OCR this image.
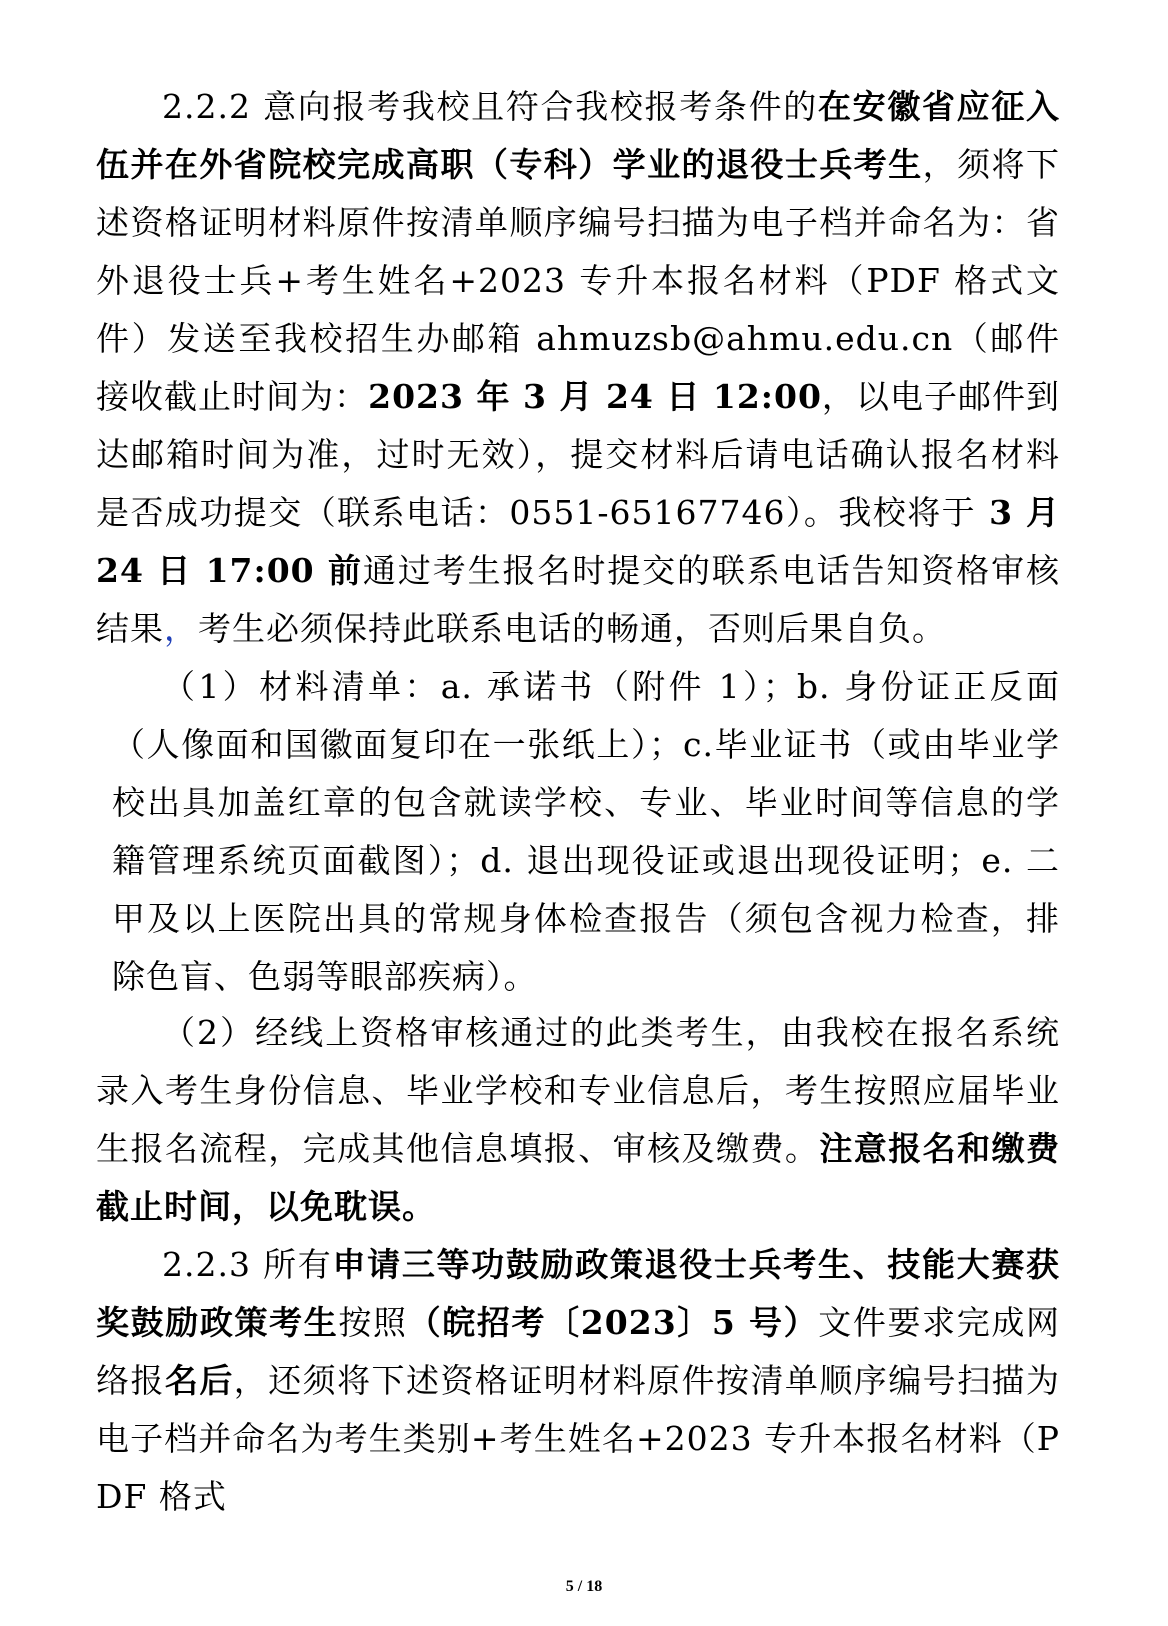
2.2.2 意向报考我校且符合我校报考条件的在安徽省应征入伍并在外省院校完成高职（专科）学业的退役士兵考生，须将下述资格证明材料原件按清单顺序编号扫描为电子档并命名为：省外退役士兵+考生姓名+2023 专升本报名材料（PDF 格式文件）发送至我校招生办邮箱 ahmuzsb@ahmu.edu.cn（邮件接收截止时间为：2023 年 3 月 24 日 12:00，以电子邮件到达邮箱时间为准，过时无效），提交材料后请电话确认报名材料是否成功提交（联系电话：0551-65167746）。我校将于 3 月 24 日 17:00 前通过考生报名时提交的联系电话告知资格审核结果，考生必须保持此联系电话的畅通，否则后果自负。

（1）材料清单：a. 承诺书（附件 1）；b. 身份证正反面（人像面和国徽面复印在一张纸上）；c.毕业证书（或由毕业学校出具加盖红章的包含就读学校、专业、毕业时间等信息的学籍管理系统页面截图）；d. 退出现役证或退出现役证明；e. 二甲及以上医院出具的常规身体检查报告（须包含视力检查，排除色盲、色弱等眼部疾病）。

（2）经线上资格审核通过的此类考生，由我校在报名系统录入考生身份信息、毕业学校和专业信息后，考生按照应届毕业生报名流程，完成其他信息填报、审核及缴费。注意报名和缴费截止时间，以免耽误。

2.2.3 所有申请三等功鼓励政策退役士兵考生、技能大赛获奖鼓励政策考生按照（皖招考〔2023〕5 号）文件要求完成网络报名后，还须将下述资格证明材料原件按清单顺序编号扫描为电子档并命名为考生类别+考生姓名+2023 专升本报名材料（PDF 格式

5 / 18
